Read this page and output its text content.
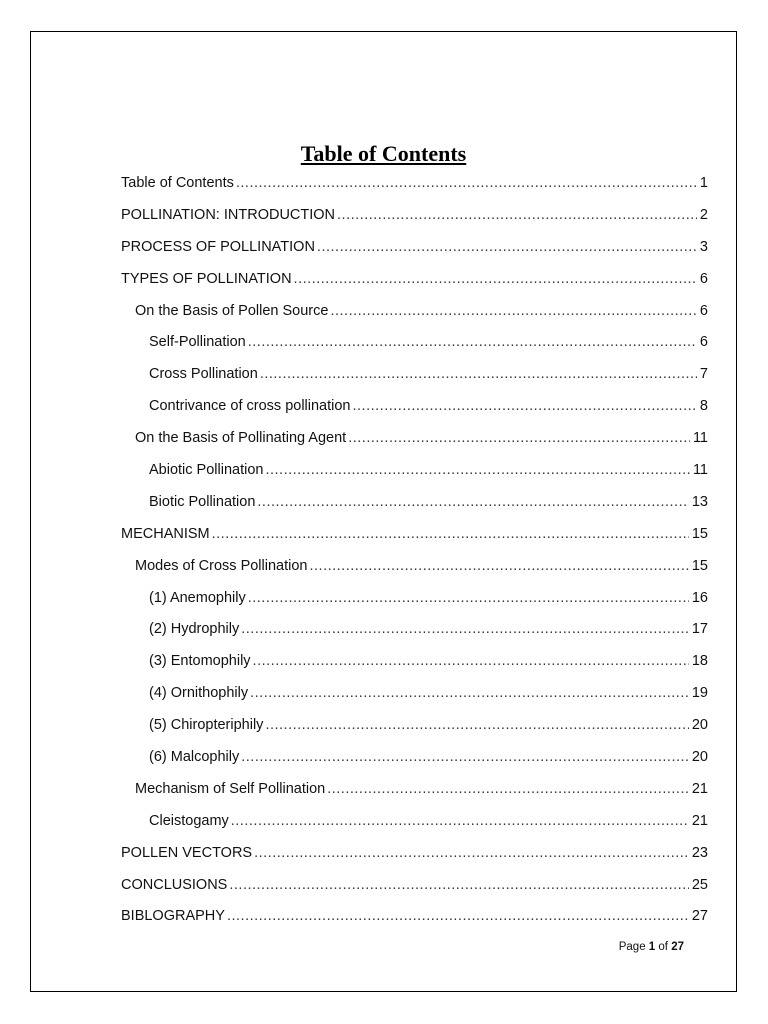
Table of Contents
Table of Contents .....	1
POLLINATION: INTRODUCTION .....	2
PROCESS OF POLLINATION .....	3
TYPES OF POLLINATION .....	6
On the Basis of Pollen Source .....	6
Self-Pollination .....	6
Cross Pollination .....	7
Contrivance of cross pollination .....	8
On the Basis of Pollinating Agent .....	11
Abiotic Pollination .....	11
Biotic Pollination .....	13
MECHANISM .....	15
Modes of Cross Pollination .....	15
(1) Anemophily .....	16
(2) Hydrophily .....	17
(3) Entomophily .....	18
(4) Ornithophily .....	19
(5) Chiropteriphily .....	20
(6) Malcophily .....	20
Mechanism of Self Pollination .....	21
Cleistogamy .....	21
POLLEN VECTORS .....	23
CONCLUSIONS .....	25
BIBLOGRAPHY .....	27
Page 1 of 27
